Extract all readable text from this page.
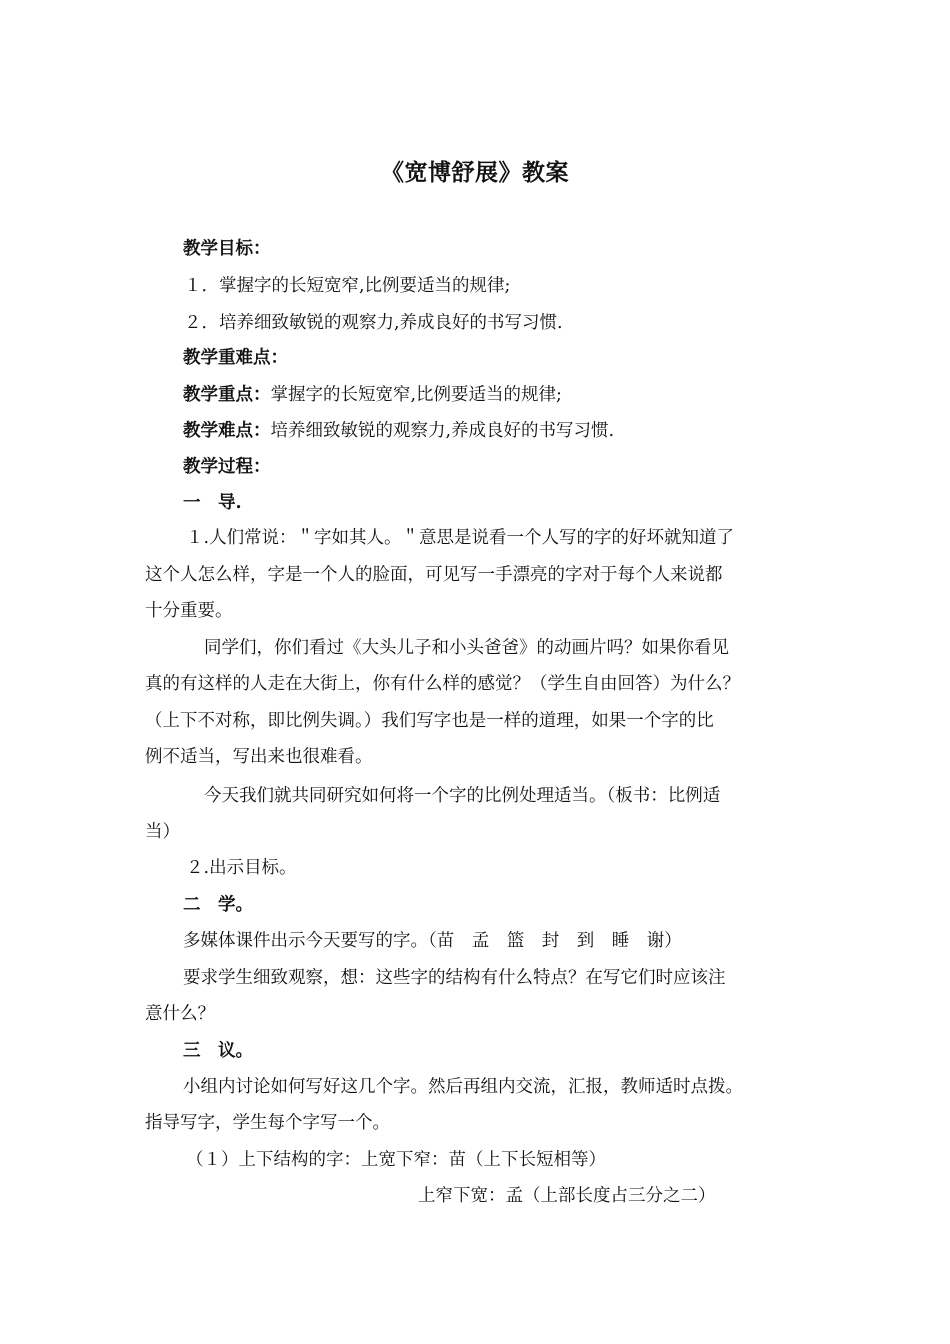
《宽博舒展》教案
教学目标：
１．掌握字的长短宽窄,比例要适当的规律;
２．培养细致敏锐的观察力,养成良好的书写习惯.
教学重难点：
教学重点：掌握字的长短宽窄,比例要适当的规律;
教学难点：培养细致敏锐的观察力,养成良好的书写习惯.
教学过程：
一　导.
１.人们常说：＂字如其人。＂意思是说看一个人写的字的好坏就知道了
这个人怎么样，字是一个人的脸面，可见写一手漂亮的字对于每个人来说都
十分重要。
同学们，你们看过《大头儿子和小头爸爸》的动画片吗？如果你看见
真的有这样的人走在大街上，你有什么样的感觉？（学生自由回答）为什么？
（上下不对称，即比例失调。）我们写字也是一样的道理，如果一个字的比
例不适当，写出来也很难看。
今天我们就共同研究如何将一个字的比例处理适当。（板书：比例适
当）
２.出示目标。
二　学。
多媒体课件出示今天要写的字。（苗　孟　篮　封　到　睡　谢）
要求学生细致观察，想：这些字的结构有什么特点？在写它们时应该注
意什么？
三　议。
小组内讨论如何写好这几个字。然后再组内交流，汇报，教师适时点拨。
指导写字，学生每个字写一个。
（１）上下结构的字：上宽下窄：苗（上下长短相等）
上窄下宽：孟（上部长度占三分之二）
